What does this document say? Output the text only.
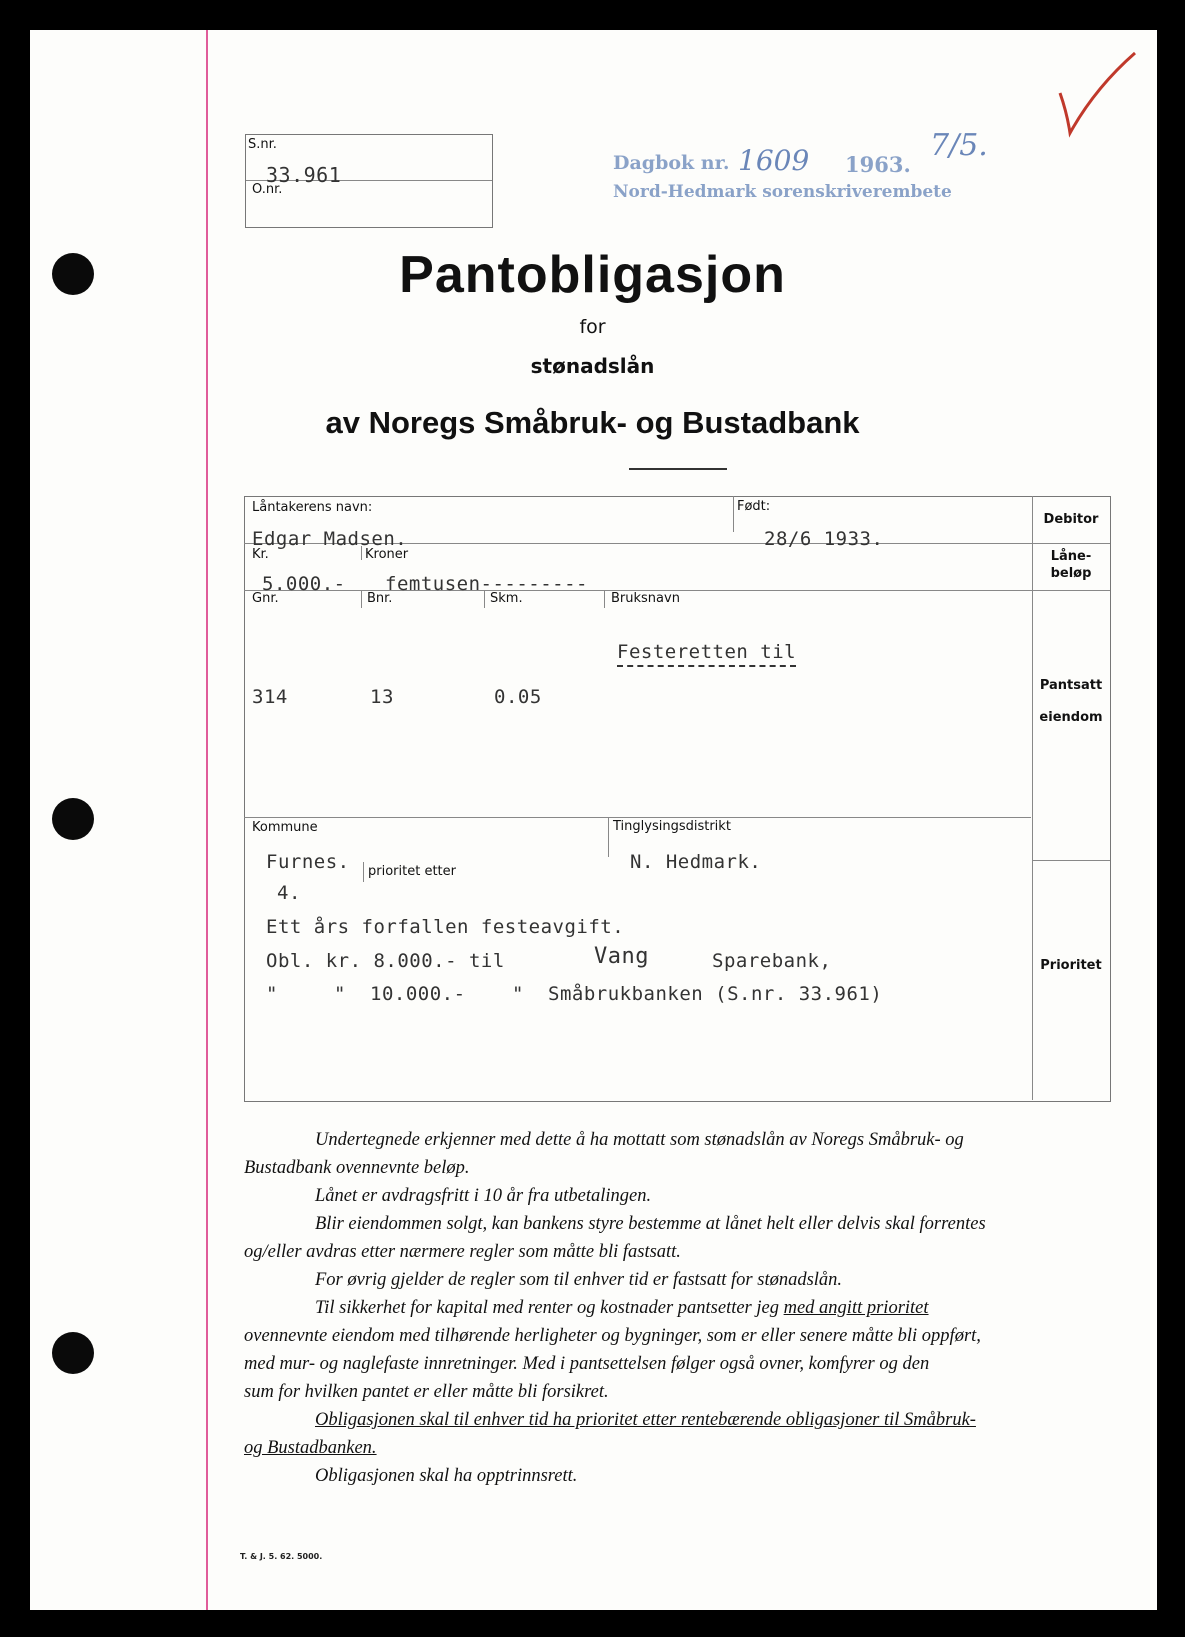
S.nr.
33.961
O.nr.
Dagbok nr. 1609 1963.
7/5.
Nord-Hedmark sorenskriverembete
Pantobligasjon
for
stønadslån
av Noregs Småbruk- og Bustadbank
Låntakerens navn:
Edgar Madsen.
Født:
28/6 1933.
Debitor
Kr.	Kroner
5.000.- femtusen---------
Låne-
beløp
Gnr.	Bnr.	Skm.	Bruksnavn
Festeretten til
314	13	0.05
Pantsatt
eiendom
Kommune
Furnes.
Tinglysingsdistrikt
N. Hedmark.
prioritet etter
4.
Ett års forfallen festeavgift.
Obl. kr. 8.000.- til	Vang	Sparebank,
"	" 10.000.- " Småbrukbanken (S.nr. 33.961)
Prioritet
Undertegnede erkjenner med dette å ha mottatt som stønadslån av Noregs Småbruk- og
Bustadbank ovennevnte beløp.
Lånet er avdragsfritt i 10 år fra utbetalingen.
Blir eiendommen solgt, kan bankens styre bestemme at lånet helt eller delvis skal forrentes
og/eller avdras etter nærmere regler som måtte bli fastsatt.
For øvrig gjelder de regler som til enhver tid er fastsatt for stønadslån.
Til sikkerhet for kapital med renter og kostnader pantsetter jeg med angitt prioritet
ovennevnte eiendom med tilhørende herligheter og bygninger, som er eller senere måtte bli oppført,
med mur- og naglefaste innretninger. Med i pantsettelsen følger også ovner, komfyrer og den
sum for hvilken pantet er eller måtte bli forsikret.
Obligasjonen skal til enhver tid ha prioritet etter rentebærende obligasjoner til Småbruk-
og Bustadbanken.
Obligasjonen skal ha opptrinnsrett.
T. & J. 5. 62. 5000.
